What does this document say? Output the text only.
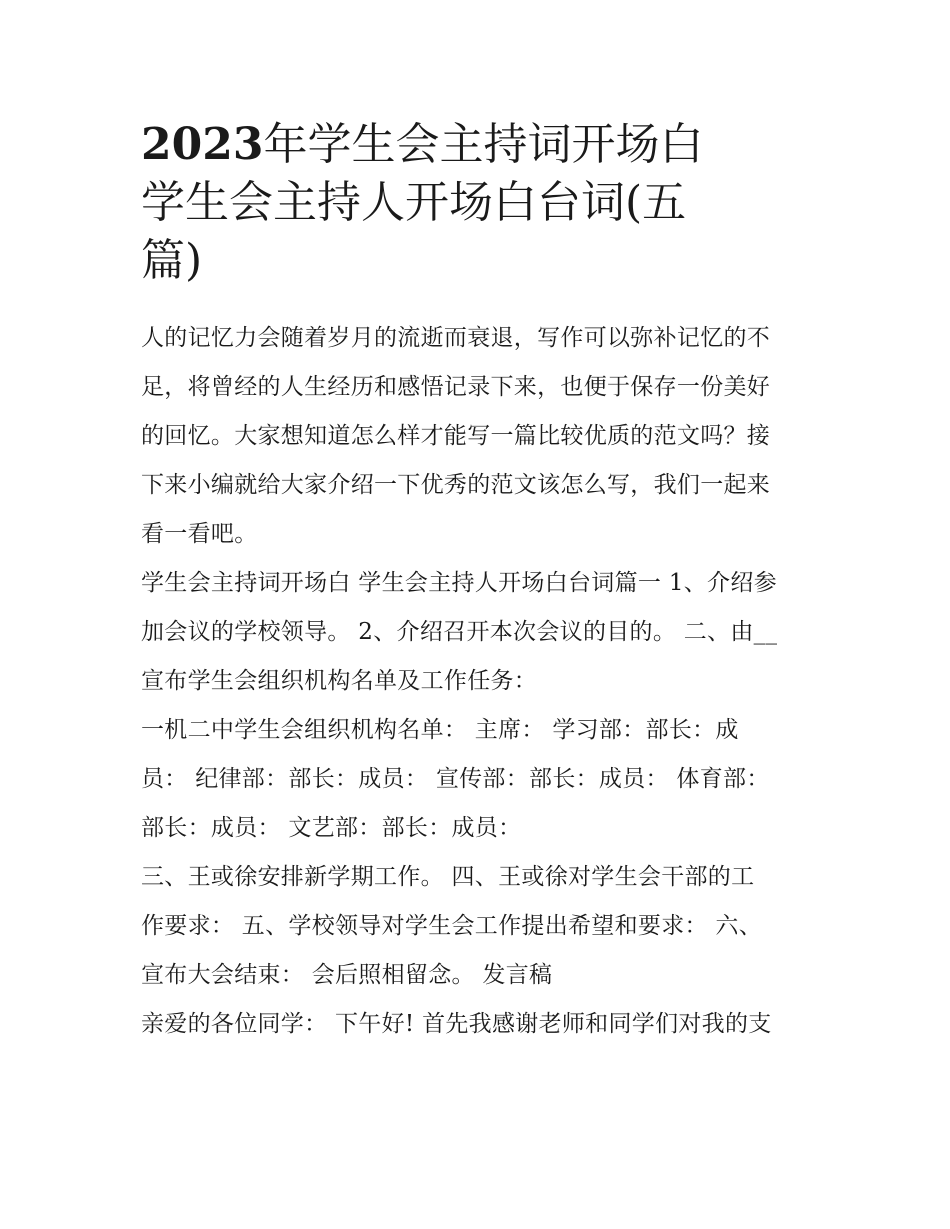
2023年学生会主持词开场白
学生会主持人开场白台词(五
篇)

人的记忆力会随着岁月的流逝而衰退，写作可以弥补记忆的不
足，将曾经的人生经历和感悟记录下来，也便于保存一份美好
的回忆。大家想知道怎么样才能写一篇比较优质的范文吗？接
下来小编就给大家介绍一下优秀的范文该怎么写，我们一起来
看一看吧。

学生会主持词开场白 学生会主持人开场白台词篇一 1、介绍参
加会议的学校领导。 2、介绍召开本次会议的目的。 二、由__
宣布学生会组织机构名单及工作任务：

一机二中学生会组织机构名单： 主席： 学习部：部长：成
员： 纪律部：部长：成员： 宣传部：部长：成员： 体育部：
部长：成员： 文艺部：部长：成员：

三、王或徐安排新学期工作。 四、王或徐对学生会干部的工
作要求： 五、学校领导对学生会工作提出希望和要求： 六、
宣布大会结束： 会后照相留念。 发言稿

亲爱的各位同学： 下午好! 首先我感谢老师和同学们对我的支
